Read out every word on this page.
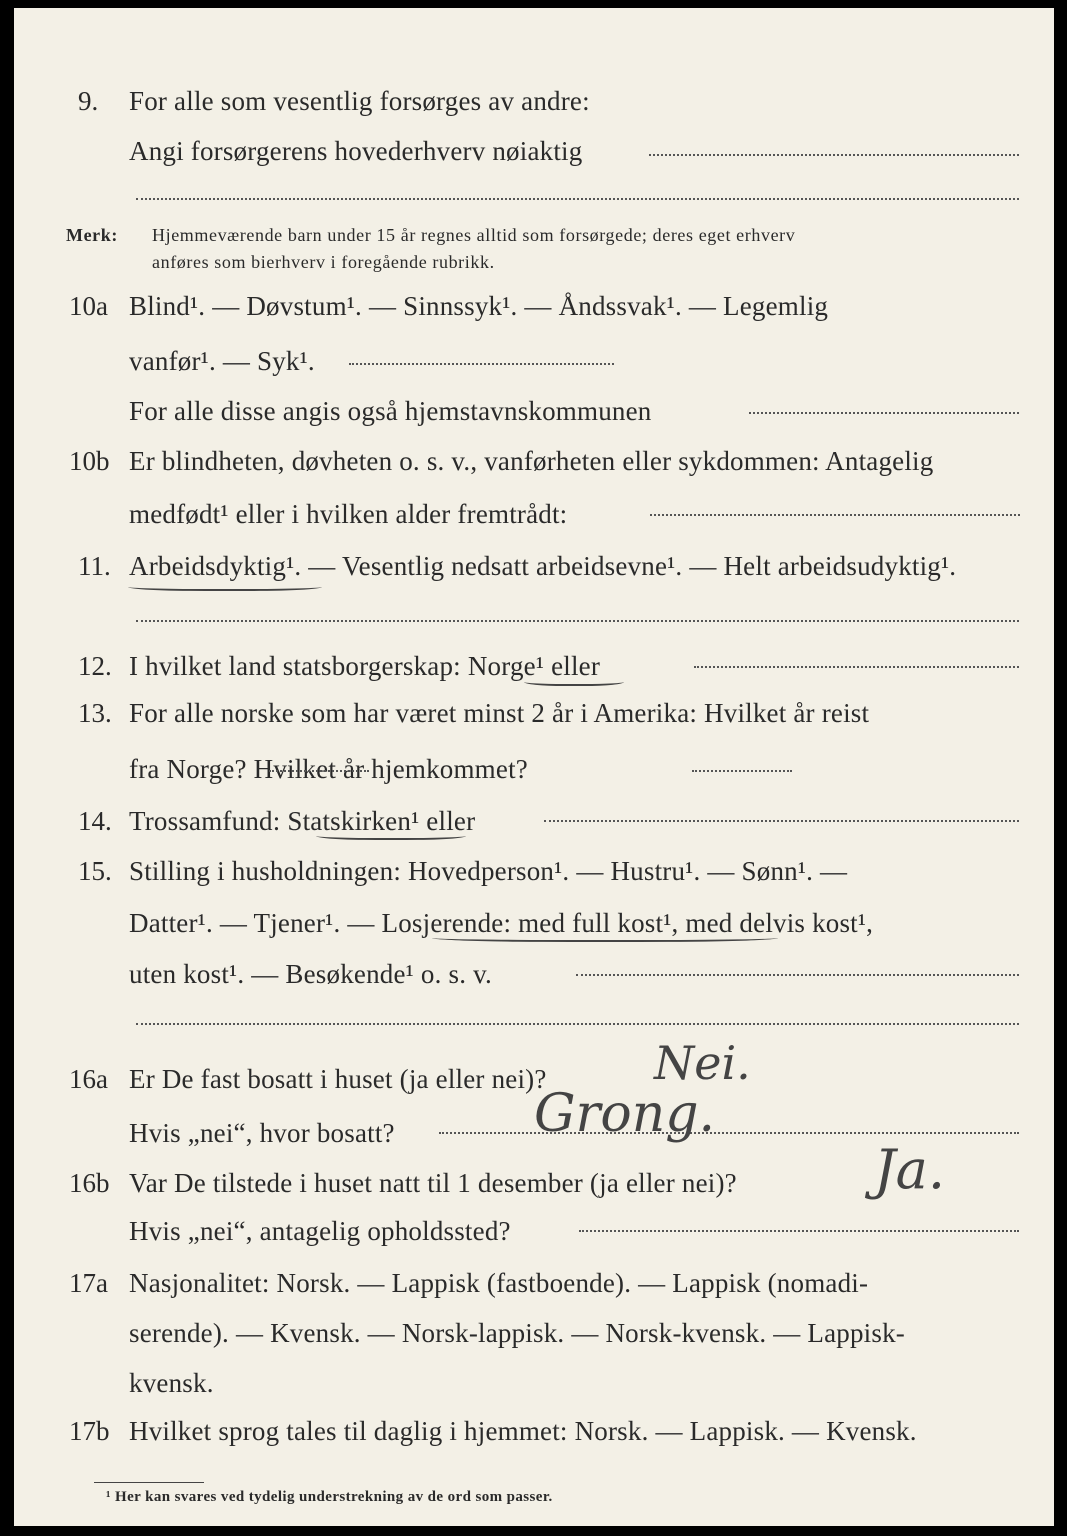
9. For alle som vesentlig forsørges av andre:
Angi forsørgerens hovederhverv nøiaktig
Merk: Hjemmeværende barn under 15 år regnes alltid som forsørgede; deres eget erhverv
anføres som bierhverv i foregående rubrikk.
10a Blind¹. — Døvstum¹. — Sinnssyk¹. — Åndssvak¹. — Legemlig
vanfør¹. — Syk¹.
For alle disse angis også hjemstavnskommunen
10b Er blindheten, døvheten o. s. v., vanførheten eller sykdommen: Antagelig
medfødt¹ eller i hvilken alder fremtrådt:
11. Arbeidsdyktig¹. — Vesentlig nedsatt arbeidsevne¹. — Helt arbeidsudyktig¹.
12. I hvilket land statsborgerskap: Norge¹ eller
13. For alle norske som har været minst 2 år i Amerika: Hvilket år reist
fra Norge? Hvilket år hjemkommet?
14. Trossamfund: Statskirken¹ eller
15. Stilling i husholdningen: Hovedperson¹. — Hustru¹. — Sønn¹. —
Datter¹. — Tjener¹. — Losjerende: med full kost¹, med delvis kost¹,
uten kost¹. — Besøkende¹ o. s. v.
16a Er De fast bosatt i huset (ja eller nei)? Nei.
Hvis „nei“, hvor bosatt?	Grong.
16b Var De tilstede i huset natt til 1 desember (ja eller nei)?	Ja.
Hvis „nei“, antagelig opholdssted?
17a Nasjonalitet: Norsk. — Lappisk (fastboende). — Lappisk (nomadi-
serende). — Kvensk. — Norsk-lappisk. — Norsk-kvensk. — Lappisk-
kvensk.
17b Hvilket sprog tales til daglig i hjemmet: Norsk. — Lappisk. — Kvensk.
¹ Her kan svares ved tydelig understrekning av de ord som passer.
